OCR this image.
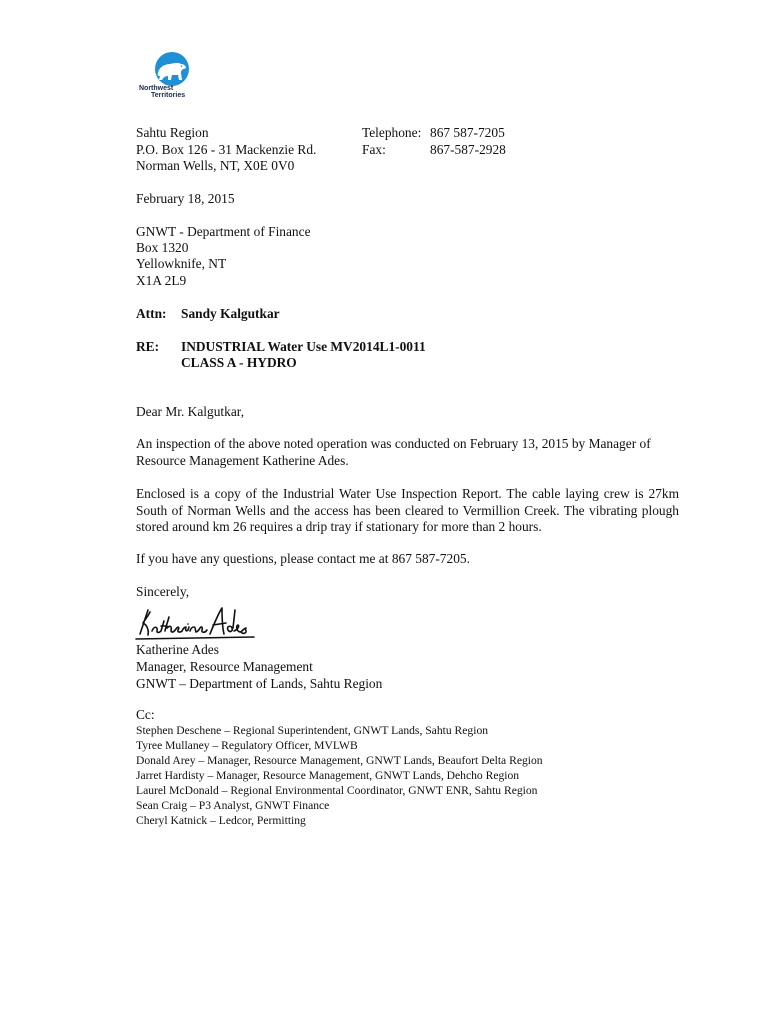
Northwest
Territories
Sahtu Region
P.O. Box 126 - 31 Mackenzie Rd.
Norman Wells, NT, X0E 0V0
Telephone: 867 587-7205
Fax:	867-587-2928
February 18, 2015
GNWT - Department of Finance
Box 1320
Yellowknife, NT
X1A 2L9
Attn: Sandy Kalgutkar
RE: INDUSTRIAL Water Use MV2014L1-0011
CLASS A - HYDRO
Dear Mr. Kalgutkar,
An inspection of the above noted operation was conducted on February 13, 2015 by Manager of Resource Management Katherine Ades.
Enclosed is a copy of the Industrial Water Use Inspection Report. The cable laying crew is 27km South of Norman Wells and the access has been cleared to Vermillion Creek. The vibrating plough stored around km 26 requires a drip tray if stationary for more than 2 hours.
If you have any questions, please contact me at 867 587-7205.
Sincerely,
Katherine Ades
Manager, Resource Management
GNWT – Department of Lands, Sahtu Region
Cc:
Stephen Deschene – Regional Superintendent, GNWT Lands, Sahtu Region
Tyree Mullaney – Regulatory Officer, MVLWB
Donald Arey – Manager, Resource Management, GNWT Lands, Beaufort Delta Region
Jarret Hardisty – Manager, Resource Management, GNWT Lands, Dehcho Region
Laurel McDonald – Regional Environmental Coordinator, GNWT ENR, Sahtu Region
Sean Craig – P3 Analyst, GNWT Finance
Cheryl Katnick – Ledcor, Permitting
